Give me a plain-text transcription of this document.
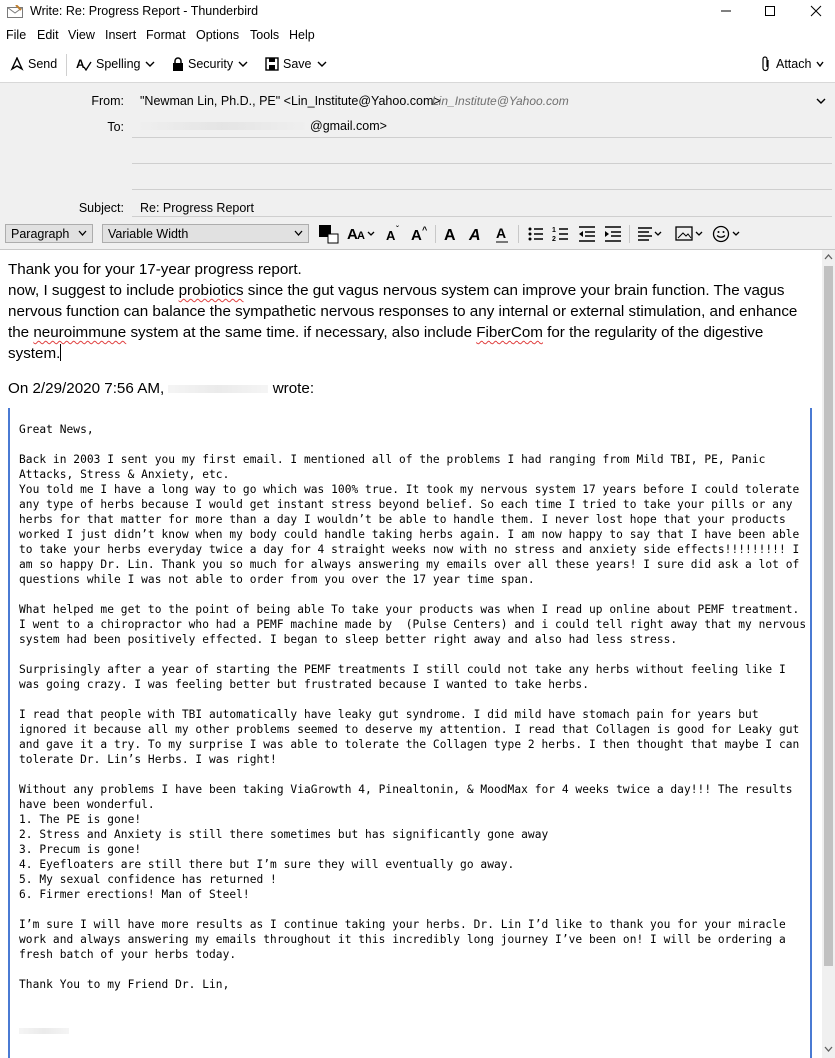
Write: Re: Progress Report - Thunderbird
File Edit View Insert Format Options Tools Help
Send A Spelling	Security	Save	Attach
From: "Newman Lin, Ph.D., PE" <Lin_Institute@Yahoo.com>
Lin_Institute@Yahoo.com
To:	@gmail.com>
Subject: Re: Progress Report
Paragraph	Variable Width	A A A ˇ A ^ A A A	1
2

Thank you for your 17-year progress report.

now, I suggest to include probiotics since the gut vagus nervous system can improve your brain function. The vagus nervous function can balance the sympathetic nervous responses to any internal or external stimulation, and enhance the neuroimmune system at the same time. if necessary, also include FiberCom for the regularity of the digestive system.

On 2/29/2020 7:56 AM,	wrote:
Great News,

Back in 2003 I sent you my first email. I mentioned all of the problems I had ranging from Mild TBI, PE, Panic Attacks, Stress & Anxiety, etc.
You told me I have a long way to go which was 100% true. It took my nervous system 17 years before I could tolerate any type of herbs because I would get instant stress beyond belief. So each time I tried to take your pills or any herbs for that matter for more than a day I wouldn’t be able to handle them. I never lost hope that your products worked I just didn’t know when my body could handle taking herbs again. I am now happy to say that I have been able to take your herbs everyday twice a day for 4 straight weeks now with no stress and anxiety side effects!!!!!!!!! I am so happy Dr. Lin. Thank you so much for always answering my emails over all these years! I sure did ask a lot of questions while I was not able to order from you over the 17 year time span.

What helped me get to the point of being able To take your products was when I read up online about PEMF treatment. I went to a chiropractor who had a PEMF machine made by  (Pulse Centers) and i could tell right away that my nervous system had been positively effected. I began to sleep better right away and also had less stress.

Surprisingly after a year of starting the PEMF treatments I still could not take any herbs without feeling like I was going crazy. I was feeling better but frustrated because I wanted to take herbs.

I read that people with TBI automatically have leaky gut syndrome. I did mild have stomach pain for years but ignored it because all my other problems seemed to deserve my attention. I read that Collagen is good for Leaky gut and gave it a try. To my surprise I was able to tolerate the Collagen type 2 herbs. I then thought that maybe I can tolerate Dr. Lin’s Herbs. I was right!

Without any problems I have been taking ViaGrowth 4, Pinealtonin, & MoodMax for 4 weeks twice a day!!! The results have been wonderful.
1. The PE is gone!
2. Stress and Anxiety is still there sometimes but has significantly gone away
3. Precum is gone!
4. Eyefloaters are still there but I’m sure they will eventually go away.
5. My sexual confidence has returned !
6. Firmer erections! Man of Steel!

I’m sure I will have more results as I continue taking your herbs. Dr. Lin I’d like to thank you for your miracle work and always answering my emails throughout it this incredibly long journey I’ve been on! I will be ordering a fresh batch of your herbs today.

Thank You to my Friend Dr. Lin,
